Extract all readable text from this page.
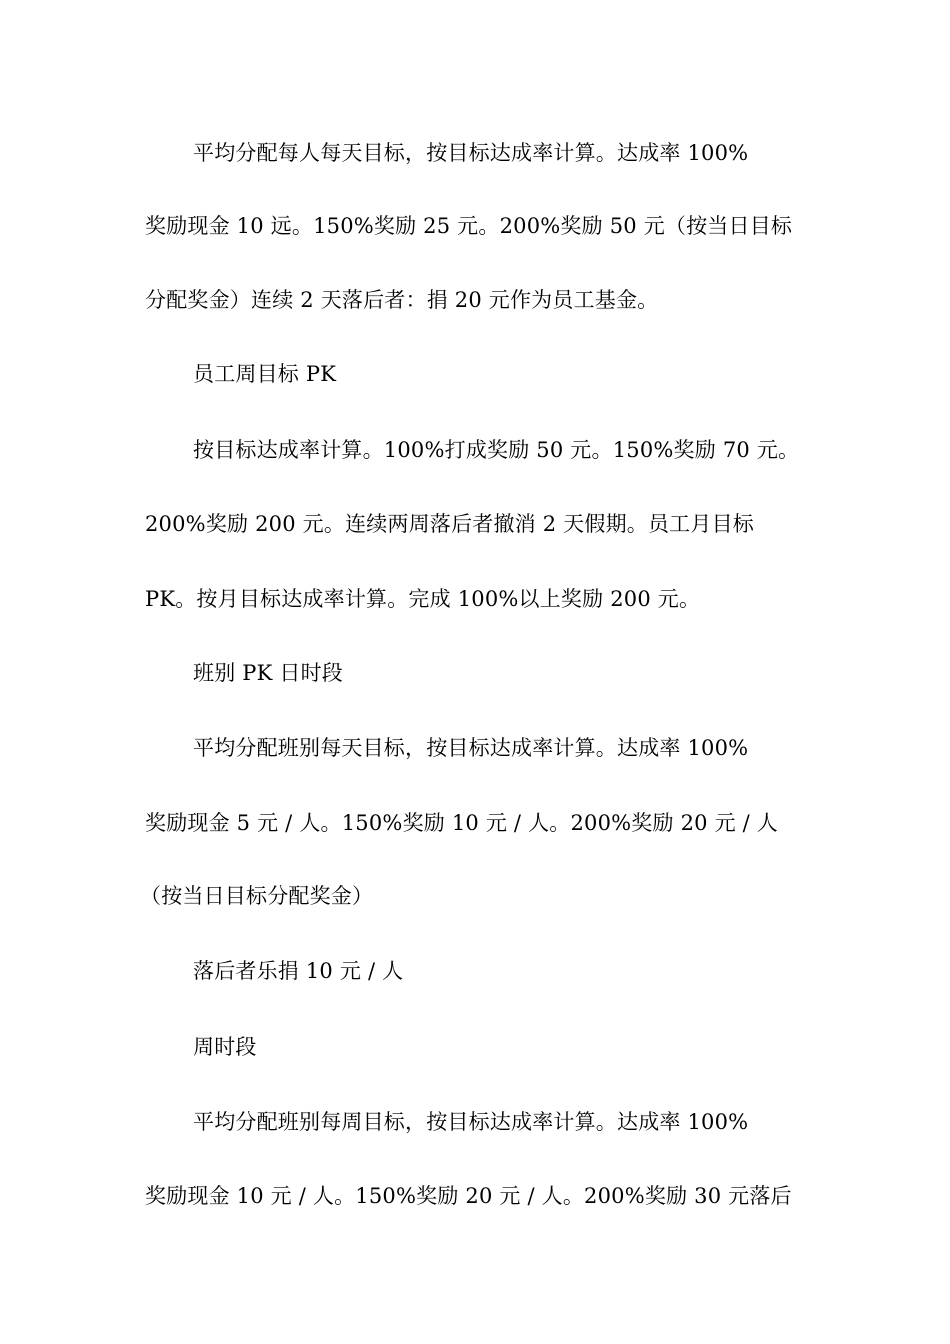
平均分配每人每天目标，按目标达成率计算。达成率 100%
奖励现金 10 远。150%奖励 25 元。200%奖励 50 元（按当日目标
分配奖金）连续 2 天落后者：捐 20 元作为员工基金。
员工周目标 PK
按目标达成率计算。100%打成奖励 50 元。150%奖励 70 元。
200%奖励 200 元。连续两周落后者撤消 2 天假期。员工月目标
PK。按月目标达成率计算。完成 100%以上奖励 200 元。
班别 PK 日时段
平均分配班别每天目标，按目标达成率计算。达成率 100%
奖励现金 5 元 / 人。150%奖励 10 元 / 人。200%奖励 20 元 / 人
（按当日目标分配奖金）
落后者乐捐 10 元 / 人
周时段
平均分配班别每周目标，按目标达成率计算。达成率 100%
奖励现金 10 元 / 人。150%奖励 20 元 / 人。200%奖励 30 元落后
